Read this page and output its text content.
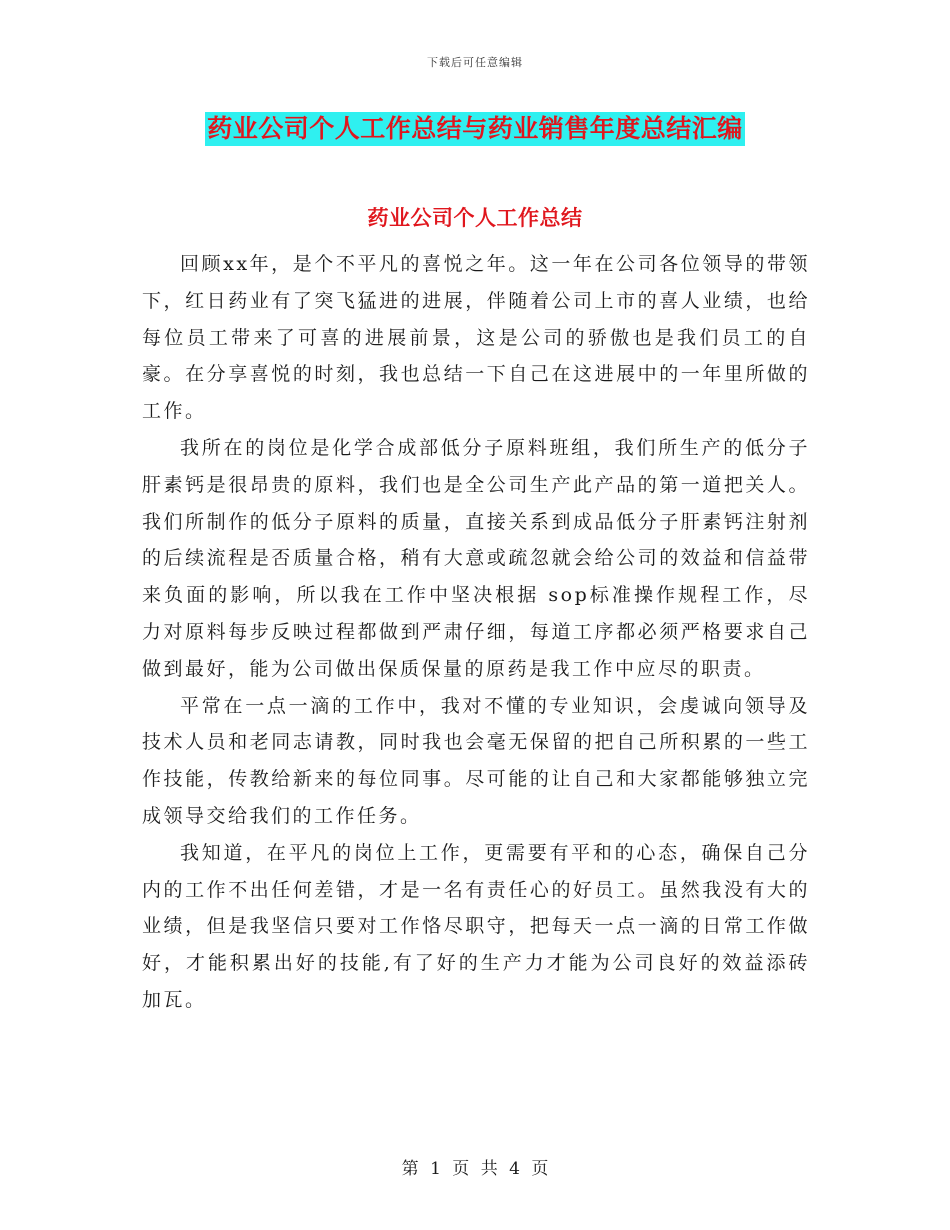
下载后可任意编辑
药业公司个人工作总结与药业销售年度总结汇编
药业公司个人工作总结

回顾xx年，是个不平凡的喜悦之年。这一年在公司各位领导的带领下，红日药业有了突飞猛进的进展，伴随着公司上市的喜人业绩，也给每位员工带来了可喜的进展前景，这是公司的骄傲也是我们员工的自豪。在分享喜悦的时刻，我也总结一下自己在这进展中的一年里所做的工作。

我所在的岗位是化学合成部低分子原料班组，我们所生产的低分子肝素钙是很昂贵的原料，我们也是全公司生产此产品的第一道把关人。我们所制作的低分子原料的质量，直接关系到成品低分子肝素钙注射剂的后续流程是否质量合格，稍有大意或疏忽就会给公司的效益和信益带来负面的影响，所以我在工作中坚决根据 sop标准操作规程工作，尽力对原料每步反映过程都做到严肃仔细，每道工序都必须严格要求自己做到最好，能为公司做出保质保量的原药是我工作中应尽的职责。

平常在一点一滴的工作中，我对不懂的专业知识，会虔诚向领导及技术人员和老同志请教，同时我也会毫无保留的把自己所积累的一些工作技能，传教给新来的每位同事。尽可能的让自己和大家都能够独立完成领导交给我们的工作任务。

我知道，在平凡的岗位上工作，更需要有平和的心态，确保自己分内的工作不出任何差错，才是一名有责任心的好员工。虽然我没有大的业绩，但是我坚信只要对工作恪尽职守，把每天一点一滴的日常工作做好，才能积累出好的技能,有了好的生产力才能为公司良好的效益添砖加瓦。

第 1 页 共 4 页
